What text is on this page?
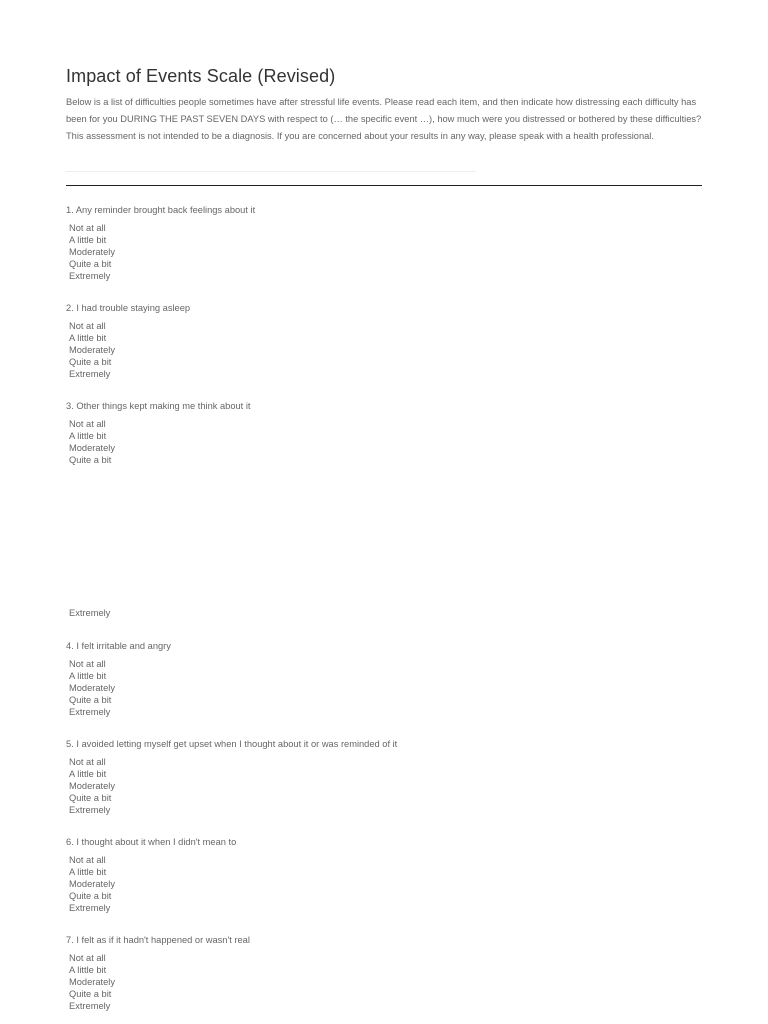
Impact of Events Scale (Revised)

Below is a list of difficulties people sometimes have after stressful life events. Please read each item, and then indicate how distressing each difficulty has been for you DURING THE PAST SEVEN DAYS with respect to (… the specific event …), how much were you distressed or bothered by these difficulties? This assessment is not intended to be a diagnosis. If you are concerned about your results in any way, please speak with a health professional.

1. Any reminder brought back feelings about it

Not at all
A little bit
Moderately
Quite a bit
Extremely

2. I had trouble staying asleep

Not at all
A little bit
Moderately
Quite a bit
Extremely

3. Other things kept making me think about it

Not at all
A little bit
Moderately
Quite a bit
Extremely

4. I felt irritable and angry

Not at all
A little bit
Moderately
Quite a bit
Extremely

5. I avoided letting myself get upset when I thought about it or was reminded of it

Not at all
A little bit
Moderately
Quite a bit
Extremely

6. I thought about it when I didn't mean to

Not at all
A little bit
Moderately
Quite a bit
Extremely

7. I felt as if it hadn't happened or wasn't real

Not at all
A little bit
Moderately
Quite a bit
Extremely
